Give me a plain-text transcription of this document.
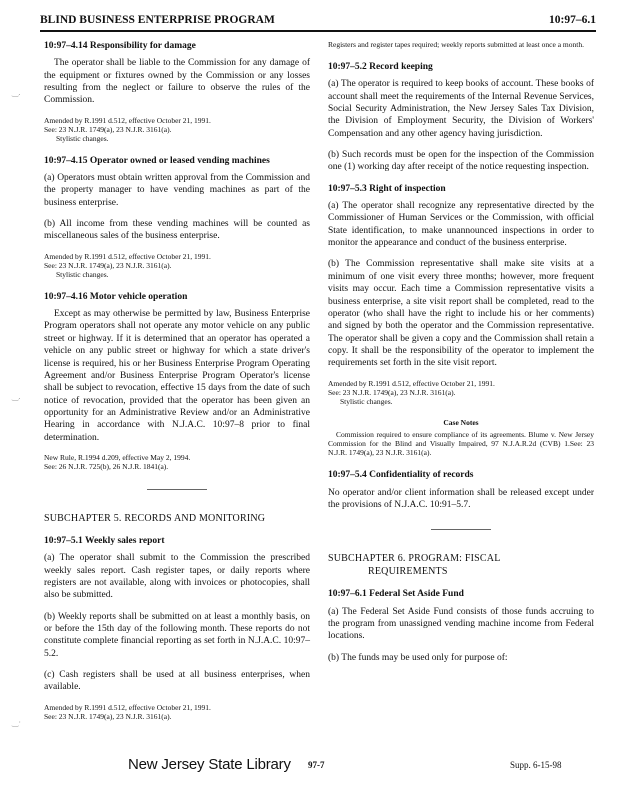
BLIND BUSINESS ENTERPRISE PROGRAM	10:97–6.1
‿.
‿.
‿·
10:97–4.14 Responsibility for damage

The operator shall be liable to the Commission for any damage of the equipment or fixtures owned by the Commission or any losses resulting from the neglect or failure to observe the rules of the Commission.

Amended by R.1991 d.512, effective October 21, 1991.
See: 23 N.J.R. 1749(a), 23 N.J.R. 3161(a).
Stylistic changes.
10:97–4.15 Operator owned or leased vending machines

(a) Operators must obtain written approval from the Commission and the property manager to have vending machines as part of the business enterprise.

(b) All income from these vending machines will be counted as miscellaneous sales of the business enterprise.

Amended by R.1991 d.512, effective October 21, 1991.
See: 23 N.J.R. 1749(a), 23 N.J.R. 3161(a).
Stylistic changes.
10:97–4.16 Motor vehicle operation

Except as may otherwise be permitted by law, Business Enterprise Program operators shall not operate any motor vehicle on any public street or highway. If it is determined that an operator has operated a vehicle on any public street or highway for which a state driver's license is required, his or her Business Enterprise Program Operating Agreement and/or Business Enterprise Program Operator's license shall be subject to revocation, effective 15 days from the date of such notice of revocation, provided that the operator has been given an opportunity for an Administrative Review and/or an Administrative Hearing in accordance with N.J.A.C. 10:97–8 prior to final determination.

New Rule, R.1994 d.209, effective May 2, 1994.
See: 26 N.J.R. 725(b), 26 N.J.R. 1841(a).
SUBCHAPTER 5. RECORDS AND MONITORING
10:97–5.1 Weekly sales report

(a) The operator shall submit to the Commission the prescribed weekly sales report. Cash register tapes, or daily reports where registers are not available, along with invoices or photocopies, shall also be submitted.

(b) Weekly reports shall be submitted on at least a monthly basis, on or before the 15th day of the following month. These reports do not constitute complete financial reporting as set forth in N.J.A.C. 10:97–5.2.

(c) Cash registers shall be used at all business enterprises, when available.

Amended by R.1991 d.512, effective October 21, 1991.
See: 23 N.J.R. 1749(a), 23 N.J.R. 3161(a).
Registers and register tapes required; weekly reports submitted at least once a month.
10:97–5.2 Record keeping

(a) The operator is required to keep books of account. These books of account shall meet the requirements of the Internal Revenue Services, Social Security Administration, the New Jersey Sales Tax Division, the Division of Employment Security, the Division of Workers' Compensation and any other agency having jurisdiction.

(b) Such records must be open for the inspection of the Commission one (1) working day after receipt of the notice requesting inspection.

10:97–5.3 Right of inspection

(a) The operator shall recognize any representative directed by the Commissioner of Human Services or the Commission, with official State identification, to make unannounced inspections in order to monitor the appearance and conduct of the business enterprise.

(b) The Commission representative shall make site visits at a minimum of one visit every three months; however, more frequent visits may occur. Each time a Commission representative visits a business enterprise, a site visit report shall be completed, read to the operator (who shall have the right to include his or her comments) and signed by both the operator and the Commission representative. The operator shall be given a copy and the Commission shall retain a copy. It shall be the responsibility of the operator to implement the requirements set forth in the site visit report.

Amended by R.1991 d.512, effective October 21, 1991.
See: 23 N.J.R. 1749(a), 23 N.J.R. 3161(a).
Stylistic changes.
Case Notes
Commission required to ensure compliance of its agreements. Blume v. New Jersey Commission for the Blind and Visually Impaired, 97 N.J.A.R.2d (CVB) 1.See: 23 N.J.R. 1749(a), 23 N.J.R. 3161(a).
10:97–5.4 Confidentiality of records

No operator and/or client information shall be released except under the provisions of N.J.A.C. 10:91–5.7.

SUBCHAPTER 6. PROGRAM: FISCAL
REQUIREMENTS
10:97–6.1 Federal Set Aside Fund

(a) The Federal Set Aside Fund consists of those funds accruing to the program from unassigned vending machine income from Federal locations.

(b) The funds may be used only for purpose of:

New Jersey State Library 97-7	Supp. 6-15-98
